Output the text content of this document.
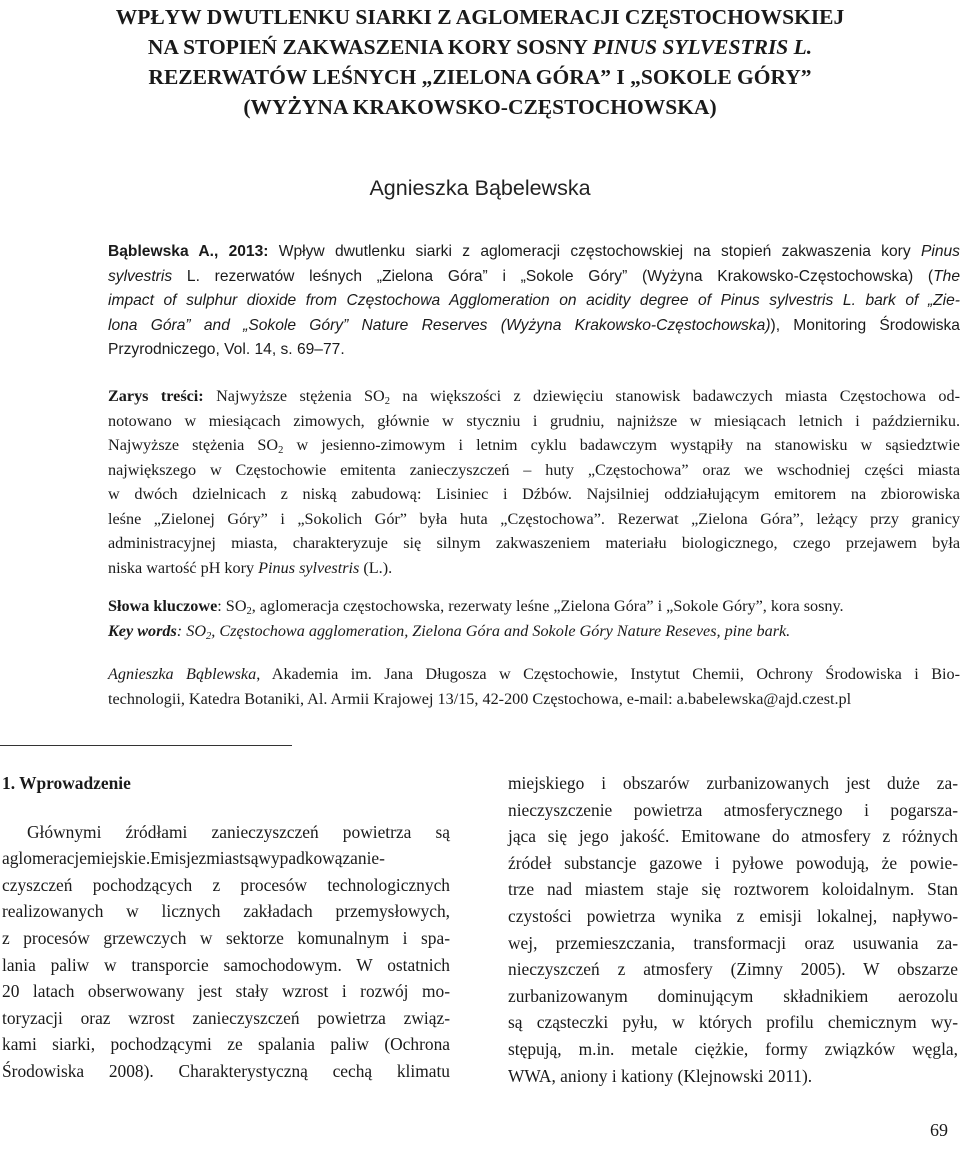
WPŁYW DWUTLENKU SIARKI Z AGLOMERACJI CZĘSTOCHOWSKIEJ
NA STOPIEŃ ZAKWASZENIA KORY SOSNY PINUS SYLVESTRIS L.
REZERWATÓW LEŚNYCH „ZIELONA GÓRA” I „SOKOLE GÓRY”
(WYŻYNA KRAKOWSKO-CZĘSTOCHOWSKA)
Agnieszka Bąbelewska
Bąblewska A., 2013: Wpływ dwutlenku siarki z aglomeracji częstochowskiej na stopień zakwaszenia kory Pinus
sylvestris L. rezerwatów leśnych „Zielona Góra” i „Sokole Góry” (Wyżyna Krakowsko-Częstochowska) (The
impact of sulphur dioxide from Częstochowa Agglomeration on acidity degree of Pinus sylvestris L. bark of „Zie-
lona Góra” and „Sokole Góry” Nature Reserves (Wyżyna Krakowsko-Częstochowska)), Monitoring Środowiska
Przyrodniczego, Vol. 14, s. 69–77.
Zarys treści: Najwyższe stężenia $SO_2$ na większości z dziewięciu stanowisk badawczych miasta Częstochowa od-
notowano w miesiącach zimowych, głównie w styczniu i grudniu, najniższe w miesiącach letnich i październiku.
Najwyższe stężenia $SO_2$ w jesienno-zimowym i letnim cyklu badawczym wystąpiły na stanowisku w sąsiedztwie
największego w Częstochowie emitenta zanieczyszczeń – huty „Częstochowa” oraz we wschodniej części miasta
w dwóch dzielnicach z niską zabudową: Lisiniec i Dźbów. Najsilniej oddziałującym emitorem na zbiorowiska
leśne „Zielonej Góry” i „Sokolich Gór” była huta „Częstochowa”. Rezerwat „Zielona Góra”, leżący przy granicy
administracyjnej miasta, charakteryzuje się silnym zakwaszeniem materiału biologicznego, czego przejawem była
niska wartość pH kory Pinus sylvestris (L.).
Słowa kluczowe: $SO_2$, aglomeracja częstochowska, rezerwaty leśne „Zielona Góra” i „Sokole Góry”, kora sosny.
Key words: $SO_2$, Częstochowa agglomeration, Zielona Góra and Sokole Góry Nature Reseves, pine bark.
Agnieszka Bąblewska, Akademia im. Jana Długosza w Częstochowie, Instytut Chemii, Ochrony Środowiska i Bio-
technologii, Katedra Botaniki, Al. Armii Krajowej 13/15, 42-200 Częstochowa, e-mail: a.babelewska@ajd.czest.pl
1. Wprowadzenie
Głównymi źródłami zanieczyszczeń powietrza są
aglomeracjemiejskie.Emisjezmiastsąwypadkowązanie-
czyszczeń pochodzących z procesów technologicznych
realizowanych w licznych zakładach przemysłowych,
z procesów grzewczych w sektorze komunalnym i spa-
lania paliw w transporcie samochodowym. W ostatnich
20 latach obserwowany jest stały wzrost i rozwój mo-
toryzacji oraz wzrost zanieczyszczeń powietrza związ-
kami siarki, pochodzącymi ze spalania paliw (Ochrona
Środowiska 2008). Charakterystyczną cechą klimatu
miejskiego i obszarów zurbanizowanych jest duże za-
nieczyszczenie powietrza atmosferycznego i pogarsza-
jąca się jego jakość. Emitowane do atmosfery z różnych
źródeł substancje gazowe i pyłowe powodują, że powie-
trze nad miastem staje się roztworem koloidalnym. Stan
czystości powietrza wynika z emisji lokalnej, napływo-
wej, przemieszczania, transformacji oraz usuwania za-
nieczyszczeń z atmosfery (Zimny 2005). W obszarze
zurbanizowanym dominującym składnikiem aerozolu
są cząsteczki pyłu, w których profilu chemicznym wy-
stępują, m.in. metale ciężkie, formy związków węgla,
WWA, aniony i kationy (Klejnowski 2011).
69
